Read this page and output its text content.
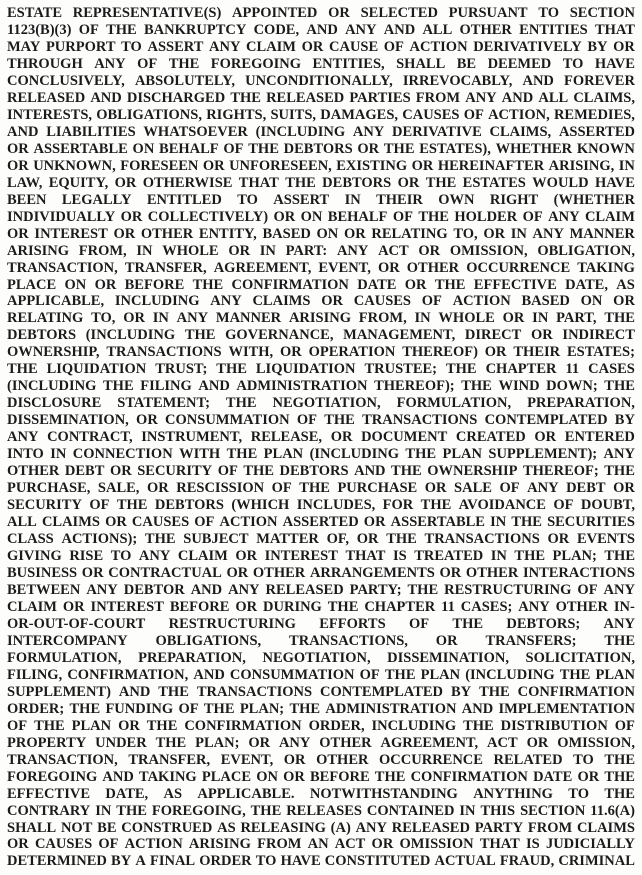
ESTATE REPRESENTATIVE(S) APPOINTED OR SELECTED PURSUANT TO SECTION
1123(B)(3) OF THE BANKRUPTCY CODE, AND ANY AND ALL OTHER ENTITIES THAT
MAY PURPORT TO ASSERT ANY CLAIM OR CAUSE OF ACTION DERIVATIVELY BY OR
THROUGH ANY OF THE FOREGOING ENTITIES, SHALL BE DEEMED TO HAVE
CONCLUSIVELY, ABSOLUTELY, UNCONDITIONALLY, IRREVOCABLY, AND FOREVER
RELEASED AND DISCHARGED THE RELEASED PARTIES FROM ANY AND ALL CLAIMS,
INTERESTS, OBLIGATIONS, RIGHTS, SUITS, DAMAGES, CAUSES OF ACTION, REMEDIES,
AND LIABILITIES WHATSOEVER (INCLUDING ANY DERIVATIVE CLAIMS, ASSERTED
OR ASSERTABLE ON BEHALF OF THE DEBTORS OR THE ESTATES), WHETHER KNOWN
OR UNKNOWN, FORESEEN OR UNFORESEEN, EXISTING OR HEREINAFTER ARISING, IN
LAW, EQUITY, OR OTHERWISE THAT THE DEBTORS OR THE ESTATES WOULD HAVE
BEEN LEGALLY ENTITLED TO ASSERT IN THEIR OWN RIGHT (WHETHER
INDIVIDUALLY OR COLLECTIVELY) OR ON BEHALF OF THE HOLDER OF ANY CLAIM
OR INTEREST OR OTHER ENTITY, BASED ON OR RELATING TO, OR IN ANY MANNER
ARISING FROM, IN WHOLE OR IN PART: ANY ACT OR OMISSION, OBLIGATION,
TRANSACTION, TRANSFER, AGREEMENT, EVENT, OR OTHER OCCURRENCE TAKING
PLACE ON OR BEFORE THE CONFIRMATION DATE OR THE EFFECTIVE DATE, AS
APPLICABLE, INCLUDING ANY CLAIMS OR CAUSES OF ACTION BASED ON OR
RELATING TO, OR IN ANY MANNER ARISING FROM, IN WHOLE OR IN PART, THE
DEBTORS (INCLUDING THE GOVERNANCE, MANAGEMENT, DIRECT OR INDIRECT
OWNERSHIP, TRANSACTIONS WITH, OR OPERATION THEREOF) OR THEIR ESTATES;
THE LIQUIDATION TRUST; THE LIQUIDATION TRUSTEE; THE CHAPTER 11 CASES
(INCLUDING THE FILING AND ADMINISTRATION THEREOF); THE WIND DOWN; THE
DISCLOSURE STATEMENT; THE NEGOTIATION, FORMULATION, PREPARATION,
DISSEMINATION, OR CONSUMMATION OF THE TRANSACTIONS CONTEMPLATED BY
ANY CONTRACT, INSTRUMENT, RELEASE, OR DOCUMENT CREATED OR ENTERED
INTO IN CONNECTION WITH THE PLAN (INCLUDING THE PLAN SUPPLEMENT); ANY
OTHER DEBT OR SECURITY OF THE DEBTORS AND THE OWNERSHIP THEREOF; THE
PURCHASE, SALE, OR RESCISSION OF THE PURCHASE OR SALE OF ANY DEBT OR
SECURITY OF THE DEBTORS (WHICH INCLUDES, FOR THE AVOIDANCE OF DOUBT,
ALL CLAIMS OR CAUSES OF ACTION ASSERTED OR ASSERTABLE IN THE SECURITIES
CLASS ACTIONS); THE SUBJECT MATTER OF, OR THE TRANSACTIONS OR EVENTS
GIVING RISE TO ANY CLAIM OR INTEREST THAT IS TREATED IN THE PLAN; THE
BUSINESS OR CONTRACTUAL OR OTHER ARRANGEMENTS OR OTHER INTERACTIONS
BETWEEN ANY DEBTOR AND ANY RELEASED PARTY; THE RESTRUCTURING OF ANY
CLAIM OR INTEREST BEFORE OR DURING THE CHAPTER 11 CASES; ANY OTHER IN-
OR-OUT-OF-COURT RESTRUCTURING EFFORTS OF THE DEBTORS; ANY
INTERCOMPANY OBLIGATIONS, TRANSACTIONS, OR TRANSFERS; THE
FORMULATION, PREPARATION, NEGOTIATION, DISSEMINATION, SOLICITATION,
FILING, CONFIRMATION, AND CONSUMMATION OF THE PLAN (INCLUDING THE PLAN
SUPPLEMENT) AND THE TRANSACTIONS CONTEMPLATED BY THE CONFIRMATION
ORDER; THE FUNDING OF THE PLAN; THE ADMINISTRATION AND IMPLEMENTATION
OF THE PLAN OR THE CONFIRMATION ORDER, INCLUDING THE DISTRIBUTION OF
PROPERTY UNDER THE PLAN; OR ANY OTHER AGREEMENT, ACT OR OMISSION,
TRANSACTION, TRANSFER, EVENT, OR OTHER OCCURRENCE RELATED TO THE
FOREGOING AND TAKING PLACE ON OR BEFORE THE CONFIRMATION DATE OR THE
EFFECTIVE DATE, AS APPLICABLE. NOTWITHSTANDING ANYTHING TO THE
CONTRARY IN THE FOREGOING, THE RELEASES CONTAINED IN THIS SECTION 11.6(A)
SHALL NOT BE CONSTRUED AS RELEASING (A) ANY RELEASED PARTY FROM CLAIMS
OR CAUSES OF ACTION ARISING FROM AN ACT OR OMISSION THAT IS JUDICIALLY
DETERMINED BY A FINAL ORDER TO HAVE CONSTITUTED ACTUAL FRAUD, CRIMINAL
